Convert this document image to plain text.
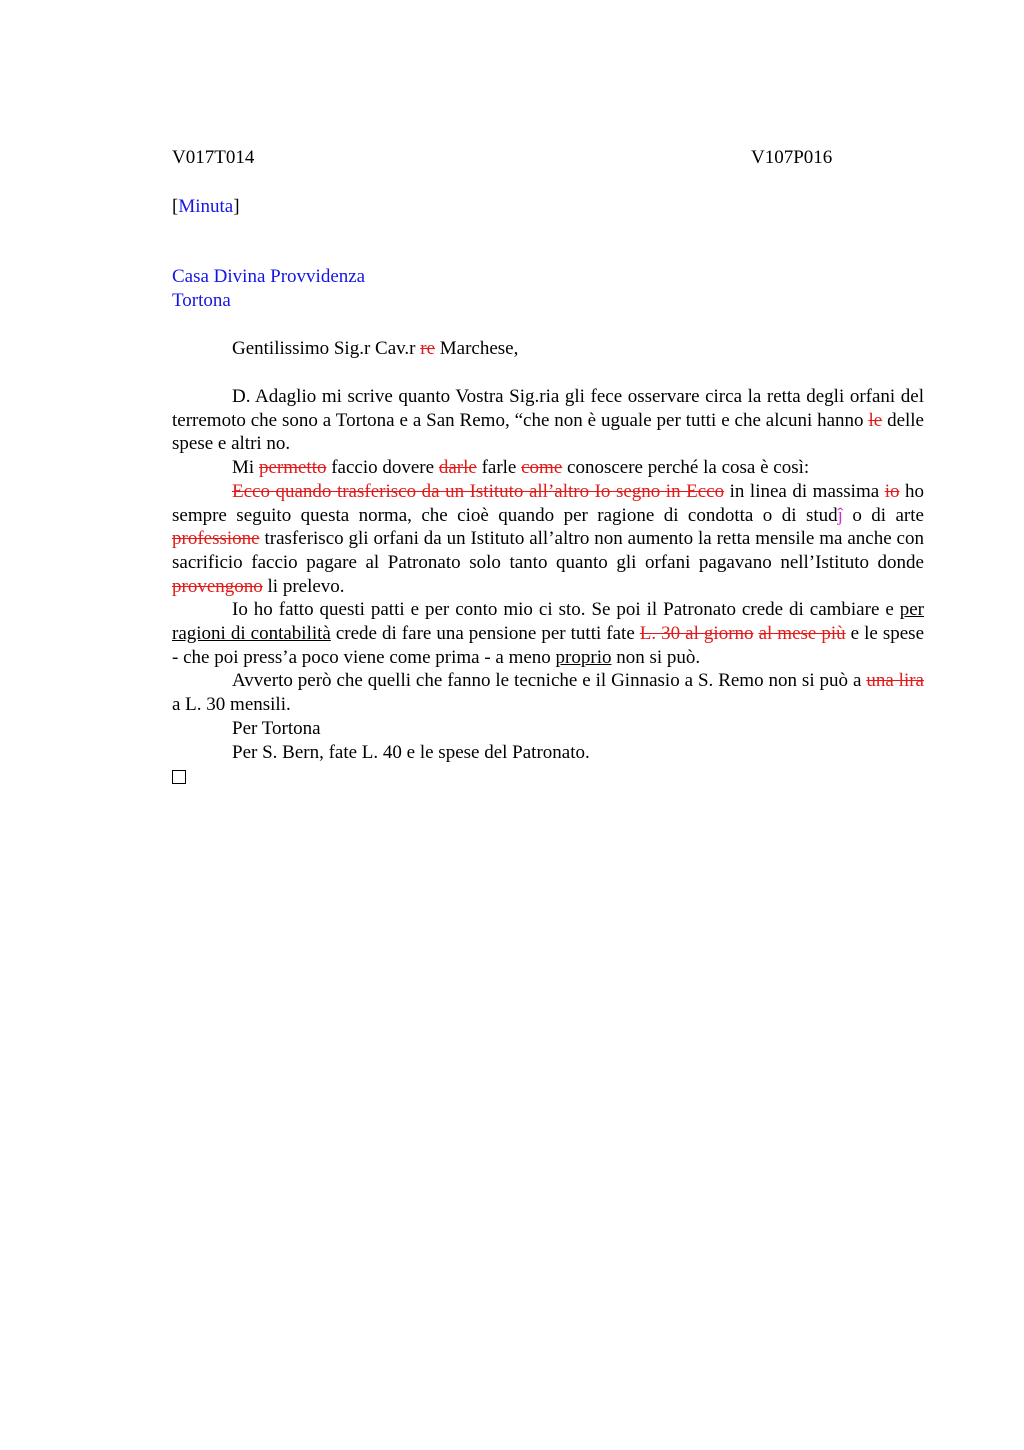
V017T014	V107P016
[Minuta]
Casa Divina Provvidenza
Tortona
Gentilissimo Sig.r Cav.r re Marchese,
D. Adaglio mi scrive quanto Vostra Sig.ria gli fece osservare circa la retta degli orfani del terremoto che sono a Tortona e a San Remo, “che non è uguale per tutti e che alcuni hanno le delle spese e altri no.
Mi permetto faccio dovere darle farle come conoscere perché la cosa è così:
Ecco quando trasferisco da un Istituto all’altro Io segno in Ecco in linea di massima io ho sempre seguito questa norma, che cioè quando per ragione di condotta o di studĵ o di arte professione trasferisco gli orfani da un Istituto all’altro non aumento la retta mensile ma anche con sacrificio faccio pagare al Patronato solo tanto quanto gli orfani pagavano nell’Istituto donde provengono li prelevo.
Io ho fatto questi patti e per conto mio ci sto. Se poi il Patronato crede di cambiare e per ragioni di contabilità crede di fare una pensione per tutti fate L. 30 al giorno al mese più e le spese - che poi press’a poco viene come prima - a meno proprio non si può.
Avverto però che quelli che fanno le tecniche e il Ginnasio a S. Remo non si può a una lira a L. 30 mensili.
Per Tortona
Per S. Bern, fate L. 40 e le spese del Patronato.
